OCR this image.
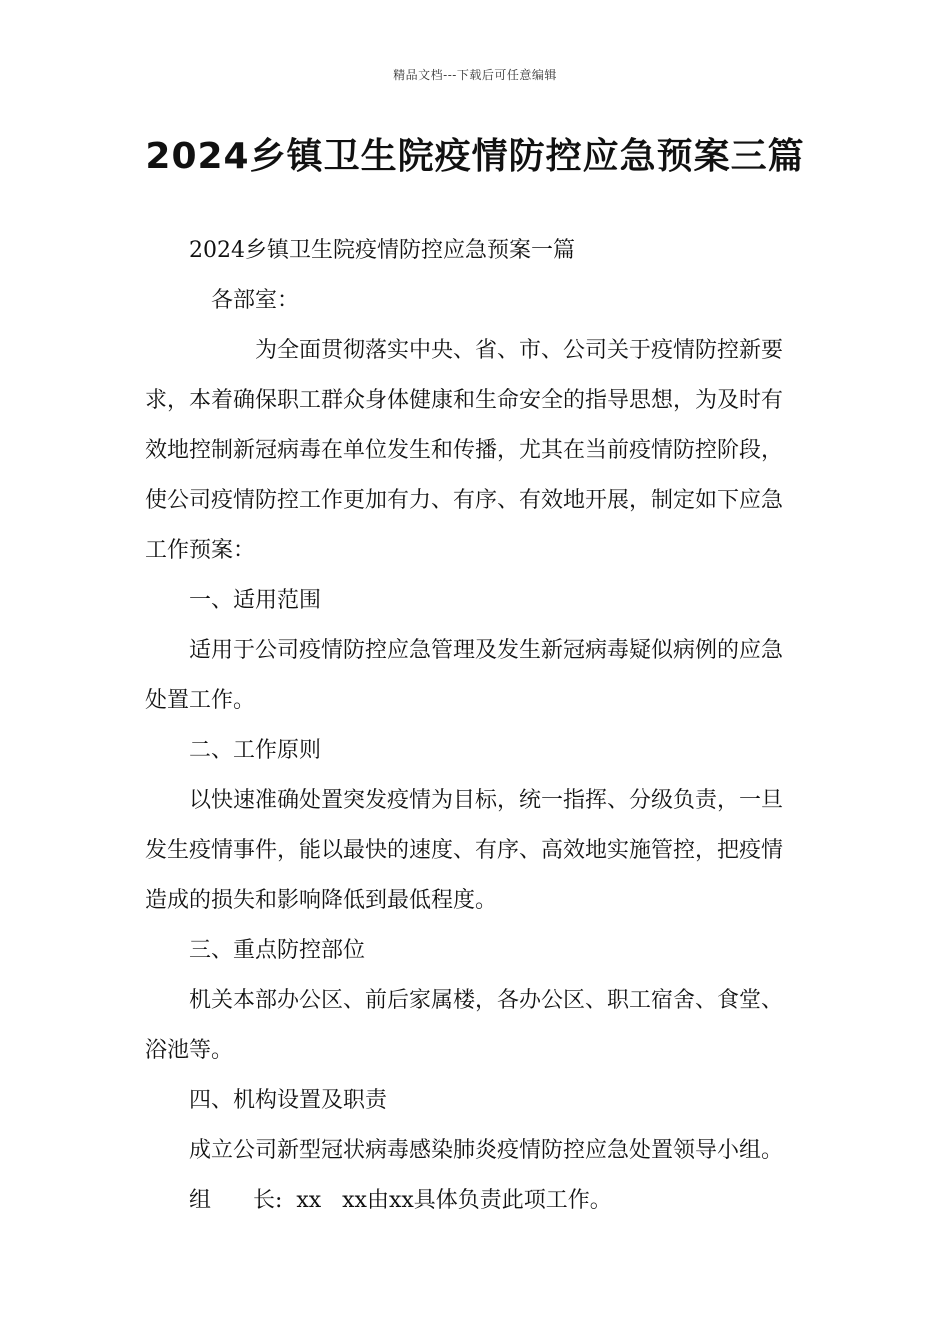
精品文档---下载后可任意编辑
2024乡镇卫生院疫情防控应急预案三篇
2024乡镇卫生院疫情防控应急预案一篇
各部室：
为全面贯彻落实中央、省、市、公司关于疫情防控新要
求，本着确保职工群众身体健康和生命安全的指导思想，为及时有
效地控制新冠病毒在单位发生和传播，尤其在当前疫情防控阶段，
使公司疫情防控工作更加有力、有序、有效地开展，制定如下应急
工作预案：
一、适用范围
适用于公司疫情防控应急管理及发生新冠病毒疑似病例的应急
处置工作。
二、工作原则
以快速准确处置突发疫情为目标，统一指挥、分级负责，一旦
发生疫情事件，能以最快的速度、有序、高效地实施管控，把疫情
造成的损失和影响降低到最低程度。
三、重点防控部位
机关本部办公区、前后家属楼，各办公区、职工宿舍、食堂、
浴池等。
四、机构设置及职责
成立公司新型冠状病毒感染肺炎疫情防控应急处置领导小组。
组      长:  xx   xx由xx具体负责此项工作。
